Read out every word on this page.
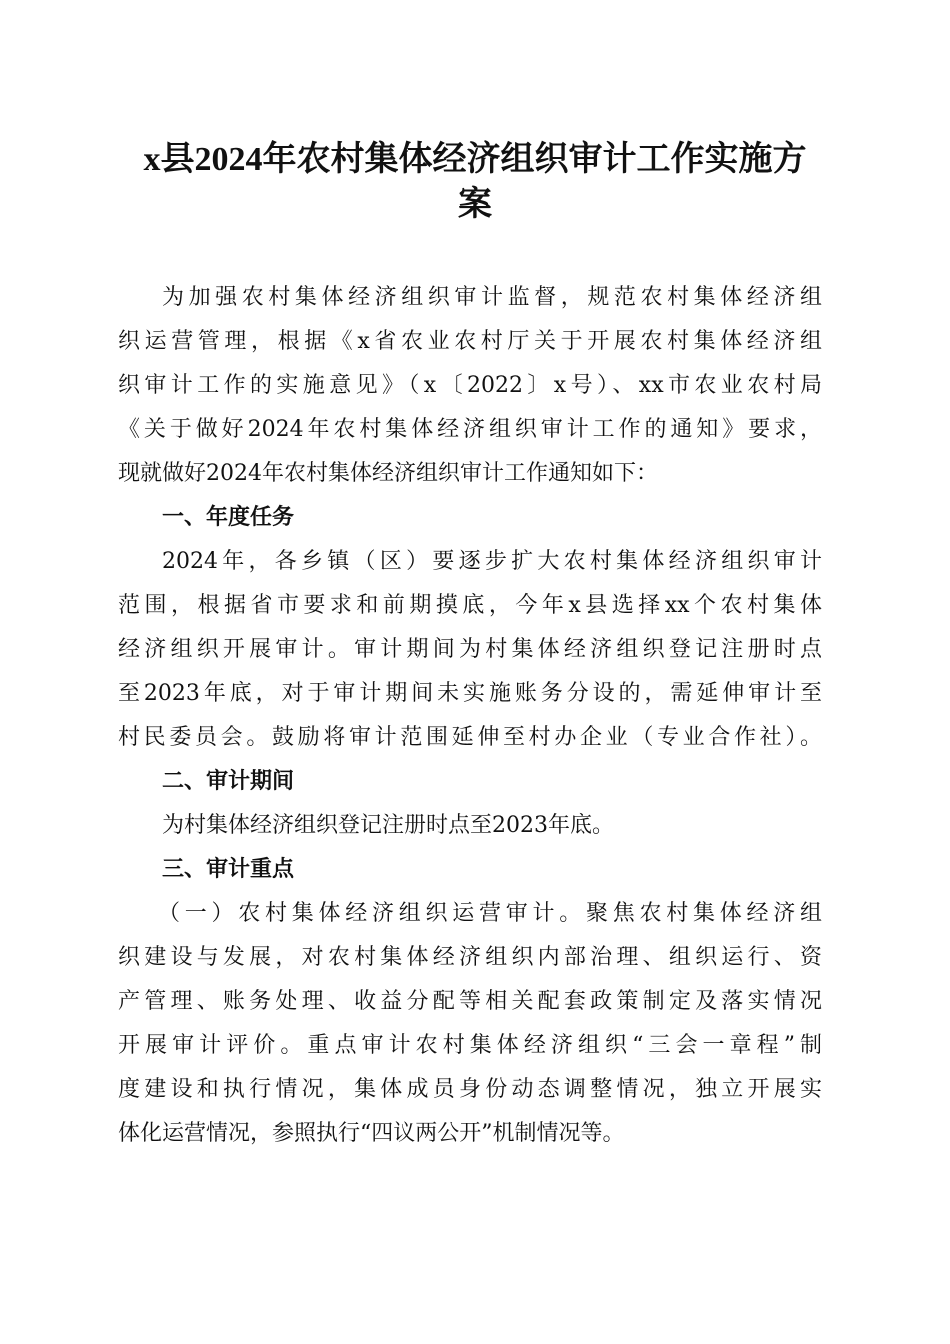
x县2024年农村集体经济组织审计工作实施方
案
为加强农村集体经济组织审计监督，规范农村集体经济组
织运营管理，根据《x省农业农村厅关于开展农村集体经济组
织审计工作的实施意见》（x〔2022〕x号）、xx市农业农村局
《关于做好2024年农村集体经济组织审计工作的通知》要求，
现就做好2024年农村集体经济组织审计工作通知如下：
一、年度任务
2024年，各乡镇（区）要逐步扩大农村集体经济组织审计
范围，根据省市要求和前期摸底，今年x县选择xx个农村集体
经济组织开展审计。审计期间为村集体经济组织登记注册时点
至2023年底，对于审计期间未实施账务分设的，需延伸审计至
村民委员会。鼓励将审计范围延伸至村办企业（专业合作社）。
二、审计期间
为村集体经济组织登记注册时点至2023年底。
三、审计重点
（一）农村集体经济组织运营审计。聚焦农村集体经济组
织建设与发展，对农村集体经济组织内部治理、组织运行、资
产管理、账务处理、收益分配等相关配套政策制定及落实情况
开展审计评价。重点审计农村集体经济组织“三会一章程”制
度建设和执行情况，集体成员身份动态调整情况，独立开展实
体化运营情况，参照执行“四议两公开”机制情况等。
